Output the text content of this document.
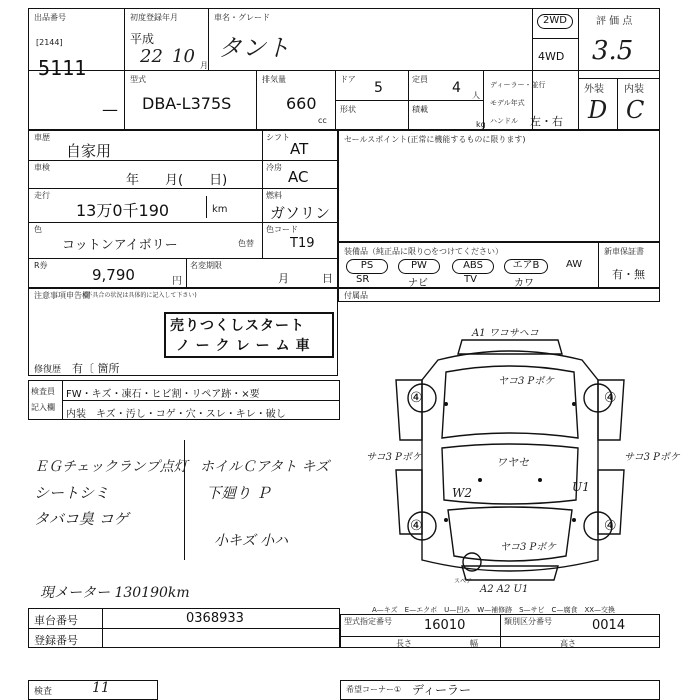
出品番号
[2144]
5111
—
初度登録年月
平成
22 10 月
車名・グレード
タント
2WD
4WD
評 価 点
3.5
外装 内装
D C
型式
DBA-L375S
排気量
660
cc
ドア
5
定員
4 人
形状	積載
kg
ディーラー・並行
モデル年式
ハンドル 左・右
車歴
自家用
シフト
AT
車検
年　　月(　　日)
冷房
AC
走行
13万0千190	km
燃料
ガソリン
色
コットンアイボリー	色替
色コード
T19
R券
9,790	円
名変期限
月	日
セールスポイント(正常に機能するものに限ります)
装備品（純正品に限り○をつけてください）	新車保証書
PS	PW	ABS	エアB	AW
SR	ナビ	TV	カワ
有・無
付属品
注意事項申告欄
(不具合の状況は具体的に記入して下さい)
売りつくしスタート
ノークレーム車
修復歴 有〔 箇所
検査員
記入欄
FW・キズ・凍石・ヒビ割・リペア跡・×要
内装 キズ・汚し・コゲ・穴・スレ・キレ・破し
ＥＧチェックランプ点灯
シートシミ
タバコ臭 コゲ
ホイルＣアタト キズ
下廻り Ｐ
小キズ 小ハ
現メーター 130190km
A1 ワコサヘコ
ヤコ3 Pポケ
サコ3 Pポケ	サコ3 Pポケ
ワヤセ
W2	U1
ヤコ3 Pポケ
A2 A2 U1
スペア
④	④
④	④
A—キズ　E—エクボ　U—凹み　W—補修跡　S—サビ　C—腐食　XX—交換
車台番号	0368933
登録番号
型式指定番号 16010	類別区分番号	0014
長さ	幅	高さ
検査	11	希望コーナー① ディーラー
